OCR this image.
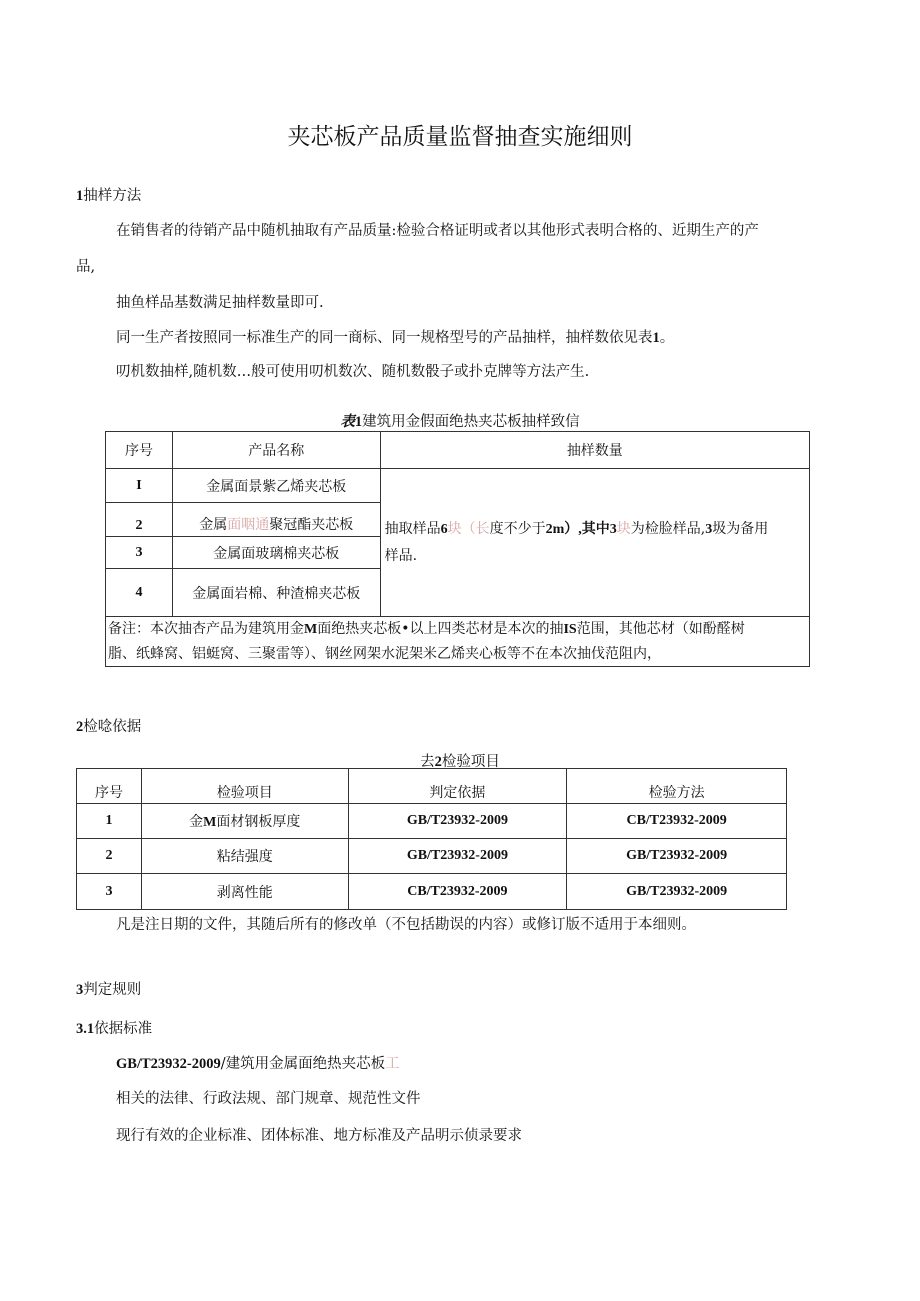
夹芯板产品质量监督抽查实施细则
1抽样方法
在销售者的待销产品中随机抽取有产品质量:检验合格证明或者以其他形式表明合格的、近期生产的产
品,
抽鱼样品基数满足抽样数量即可.
同一生产者按照同一标准生产的同一商标、同一规格型号的产品抽样，抽样数依见表1。
叨机数抽样,随机数…般可使用叨机数次、随机数骰子或扑克牌等方法产生.
表1建筑用金假面绝热夹芯板抽样致信
序号	产品名称	抽样数量
I	金属面景紫乙烯夹芯板	抽取样品6块（长度不少于2m）,其中3块为检脸样品,3圾为备用
样品.
2	金属面咽通聚冠酯夹芯板	
3	金属面玻璃棉夹芯板	
4	金属面岩棉、种渣棉夹芯板	
备注：本次抽杏产品为建筑用金M面绝热夹芯板•以上四类芯材是本次的抽IS范围，其他芯材（如酚醛树
脂、纸蜂窝、铝蜓窝、三聚雷等）、钢丝网架水泥架米乙烯夹心板等不在本次抽伐范阻内，		
2检唸依据
去2检验项目
序号	检验项目	判定依据	检验方法
1	金M面材钢板厚度	GB/T23932-2009	CB/T23932-2009
2	粘结强度	GB/T23932-2009	GB/T23932-2009
3	剥离性能	CB/T23932-2009	GB/T23932-2009
凡是注日期的文件，其随后所有的修改单（不包括勘误的内容）或修订版不适用于本细则。
3判定规则
3.1依据标准
GB/T23932-2009/建筑用金属面绝热夹芯板工
相关的法律、行政法规、部门规章、规范性文件
现行有效的企业标准、团体标准、地方标准及产品明示侦录要求
